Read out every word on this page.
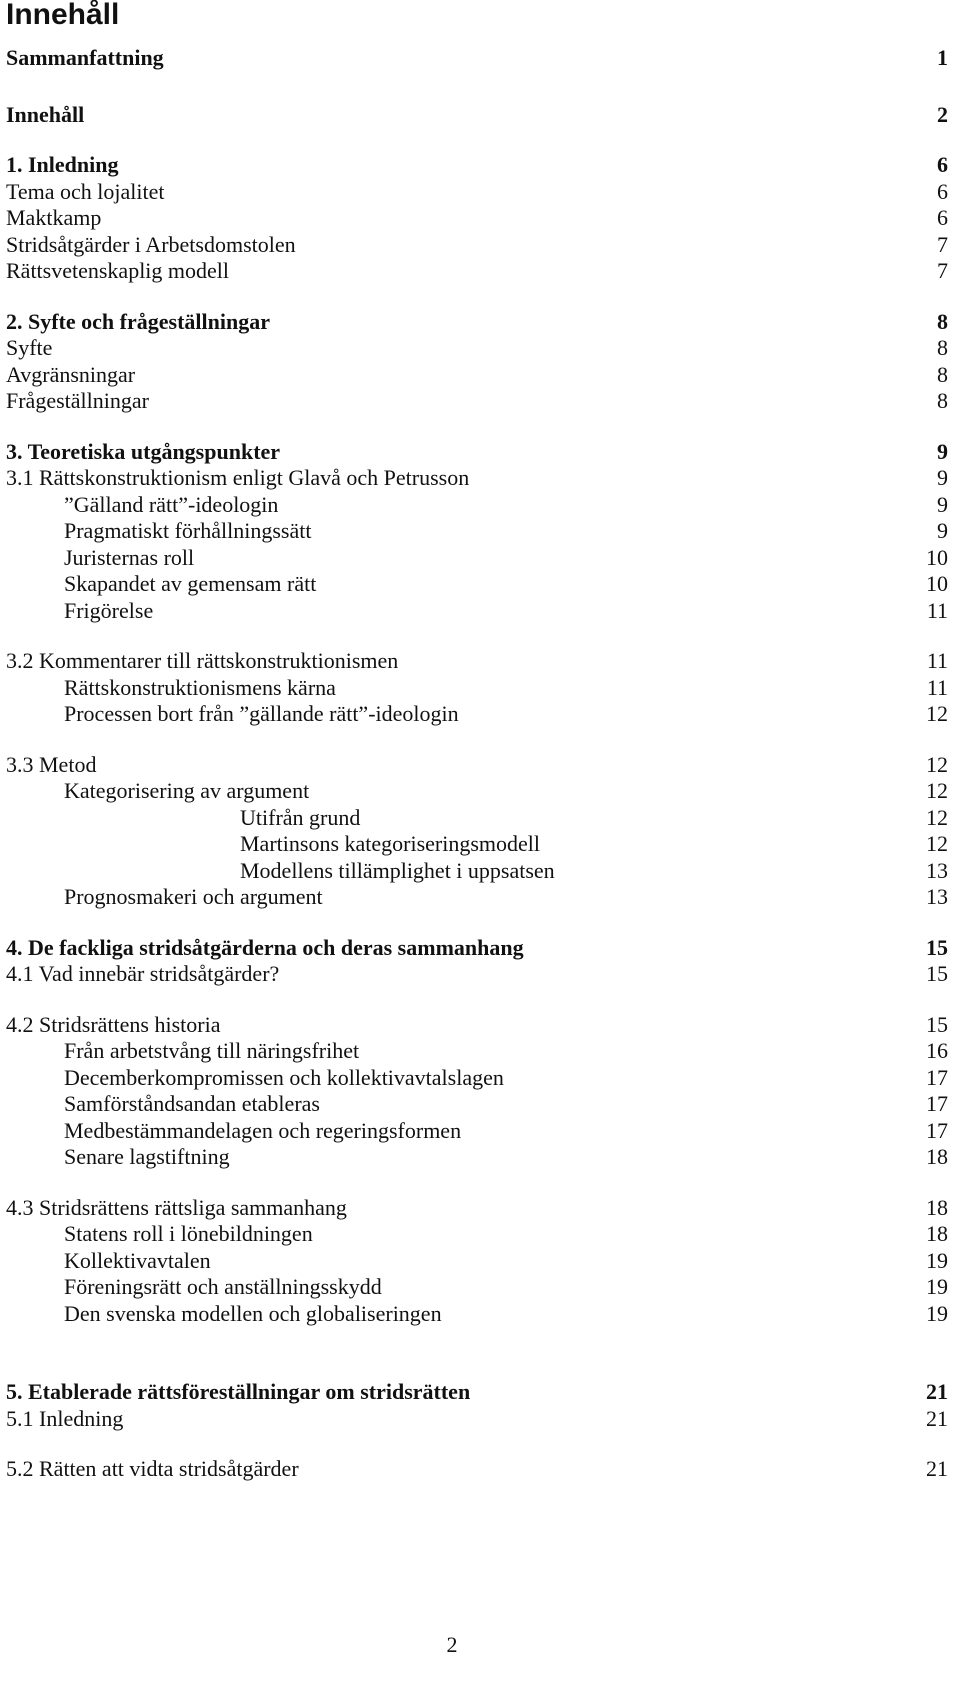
Innehåll
Sammanfattning	1
Innehåll	2
1. Inledning	6
Tema och lojalitet	6
Maktkamp	6
Stridsåtgärder i Arbetsdomstolen	7
Rättsvetenskaplig modell	7
2. Syfte och frågeställningar	8
Syfte	8
Avgränsningar	8
Frågeställningar	8
3. Teoretiska utgångspunkter	9
3.1 Rättskonstruktionism enligt Glavå och Petrusson	9
”Gälland rätt”-ideologin	9
Pragmatiskt förhållningssätt	9
Juristernas roll	10
Skapandet av gemensam rätt	10
Frigörelse	11
3.2 Kommentarer till rättskonstruktionismen	11
Rättskonstruktionismens kärna	11
Processen bort från ”gällande rätt”-ideologin	12
3.3 Metod	12
Kategorisering av argument	12
Utifrån grund	12
Martinsons kategoriseringsmodell	12
Modellens tillämplighet i uppsatsen	13
Prognosmakeri och argument	13
4. De fackliga stridsåtgärderna och deras sammanhang	15
4.1 Vad innebär stridsåtgärder?	15
4.2 Stridsrättens historia	15
Från arbetstvång till näringsfrihet	16
Decemberkompromissen och kollektivavtalslagen	17
Samförståndsandan etableras	17
Medbestämmandelagen och regeringsformen	17
Senare lagstiftning	18
4.3 Stridsrättens rättsliga sammanhang	18
Statens roll i lönebildningen	18
Kollektivavtalen	19
Föreningsrätt och anställningsskydd	19
Den svenska modellen och globaliseringen	19
5. Etablerade rättsföreställningar om stridsrätten	21
5.1 Inledning	21
5.2 Rätten att vidta stridsåtgärder	21
2
